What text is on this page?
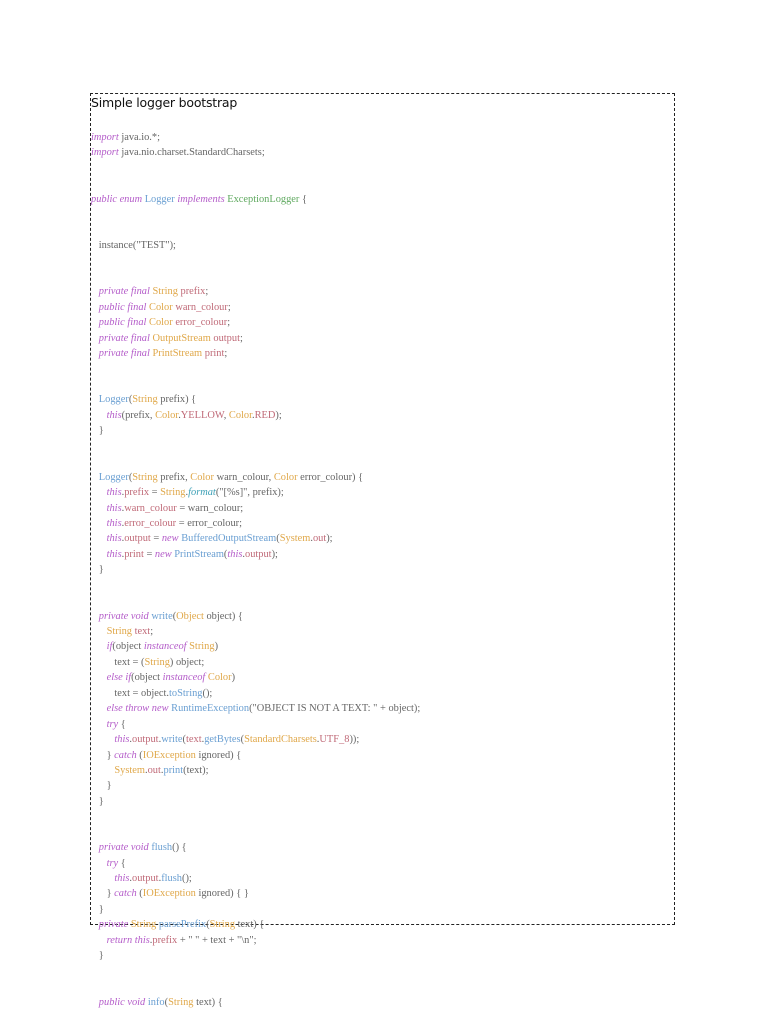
Simple logger bootstrap
import java.io.*;
import java.nio.charset.StandardCharsets;
public enum Logger implements ExceptionLogger {
instance("TEST");
private final String prefix;
public final Color warn_colour;
public final Color error_colour;
private final OutputStream output;
private final PrintStream print;
Logger(String prefix) {
this(prefix, Color.YELLOW, Color.RED);
}
Logger(String prefix, Color warn_colour, Color error_colour) {
this.prefix = String.format("[%s]", prefix);
this.warn_colour = warn_colour;
this.error_colour = error_colour;
this.output = new BufferedOutputStream(System.out);
this.print = new PrintStream(this.output);
}
private void write(Object object) {
String text;
if(object instanceof String)
text = (String) object;
else if(object instanceof Color)
text = object.toString();
else throw new RuntimeException("OBJECT IS NOT A TEXT: " + object);
try {
this.output.write(text.getBytes(StandardCharsets.UTF_8));
} catch (IOException ignored) {
System.out.print(text);
}
}
private void flush() {
try {
this.output.flush();
} catch (IOException ignored) { }
}
private String parsePrefix(String text) {
return this.prefix + " " + text + "\n";
}
public void info(String text) {
